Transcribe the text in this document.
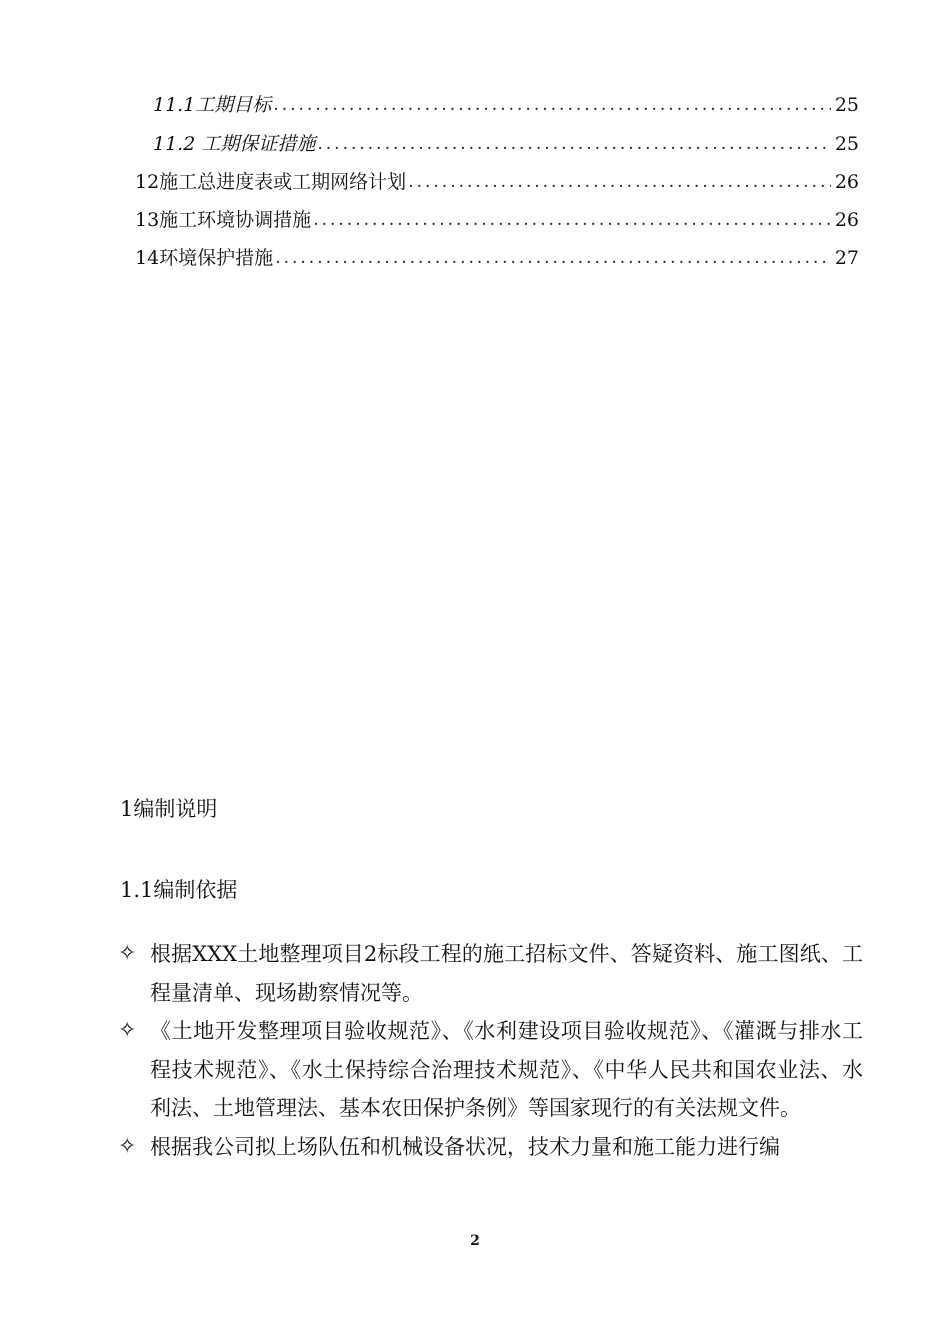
11.1工期目标 .....	25
11.2 工期保证措施 .....	25
12施工总进度表或工期网络计划 .....	26
13施工环境协调措施 .....	26
14环境保护措施 .....	27
1编制说明
1.1编制依据
✧ 根据XXX土地整理项目2标段工程的施工招标文件、答疑资料、施工图纸、工程量清单、现场勘察情况等。
✧ 《土地开发整理项目验收规范》、《水利建设项目验收规范》、《灌溉与排水工程技术规范》、《水土保持综合治理技术规范》、《中华人民共和国农业法、水利法、土地管理法、基本农田保护条例》等国家现行的有关法规文件。
✧ 根据我公司拟上场队伍和机械设备状况，技术力量和施工能力进行编
2
